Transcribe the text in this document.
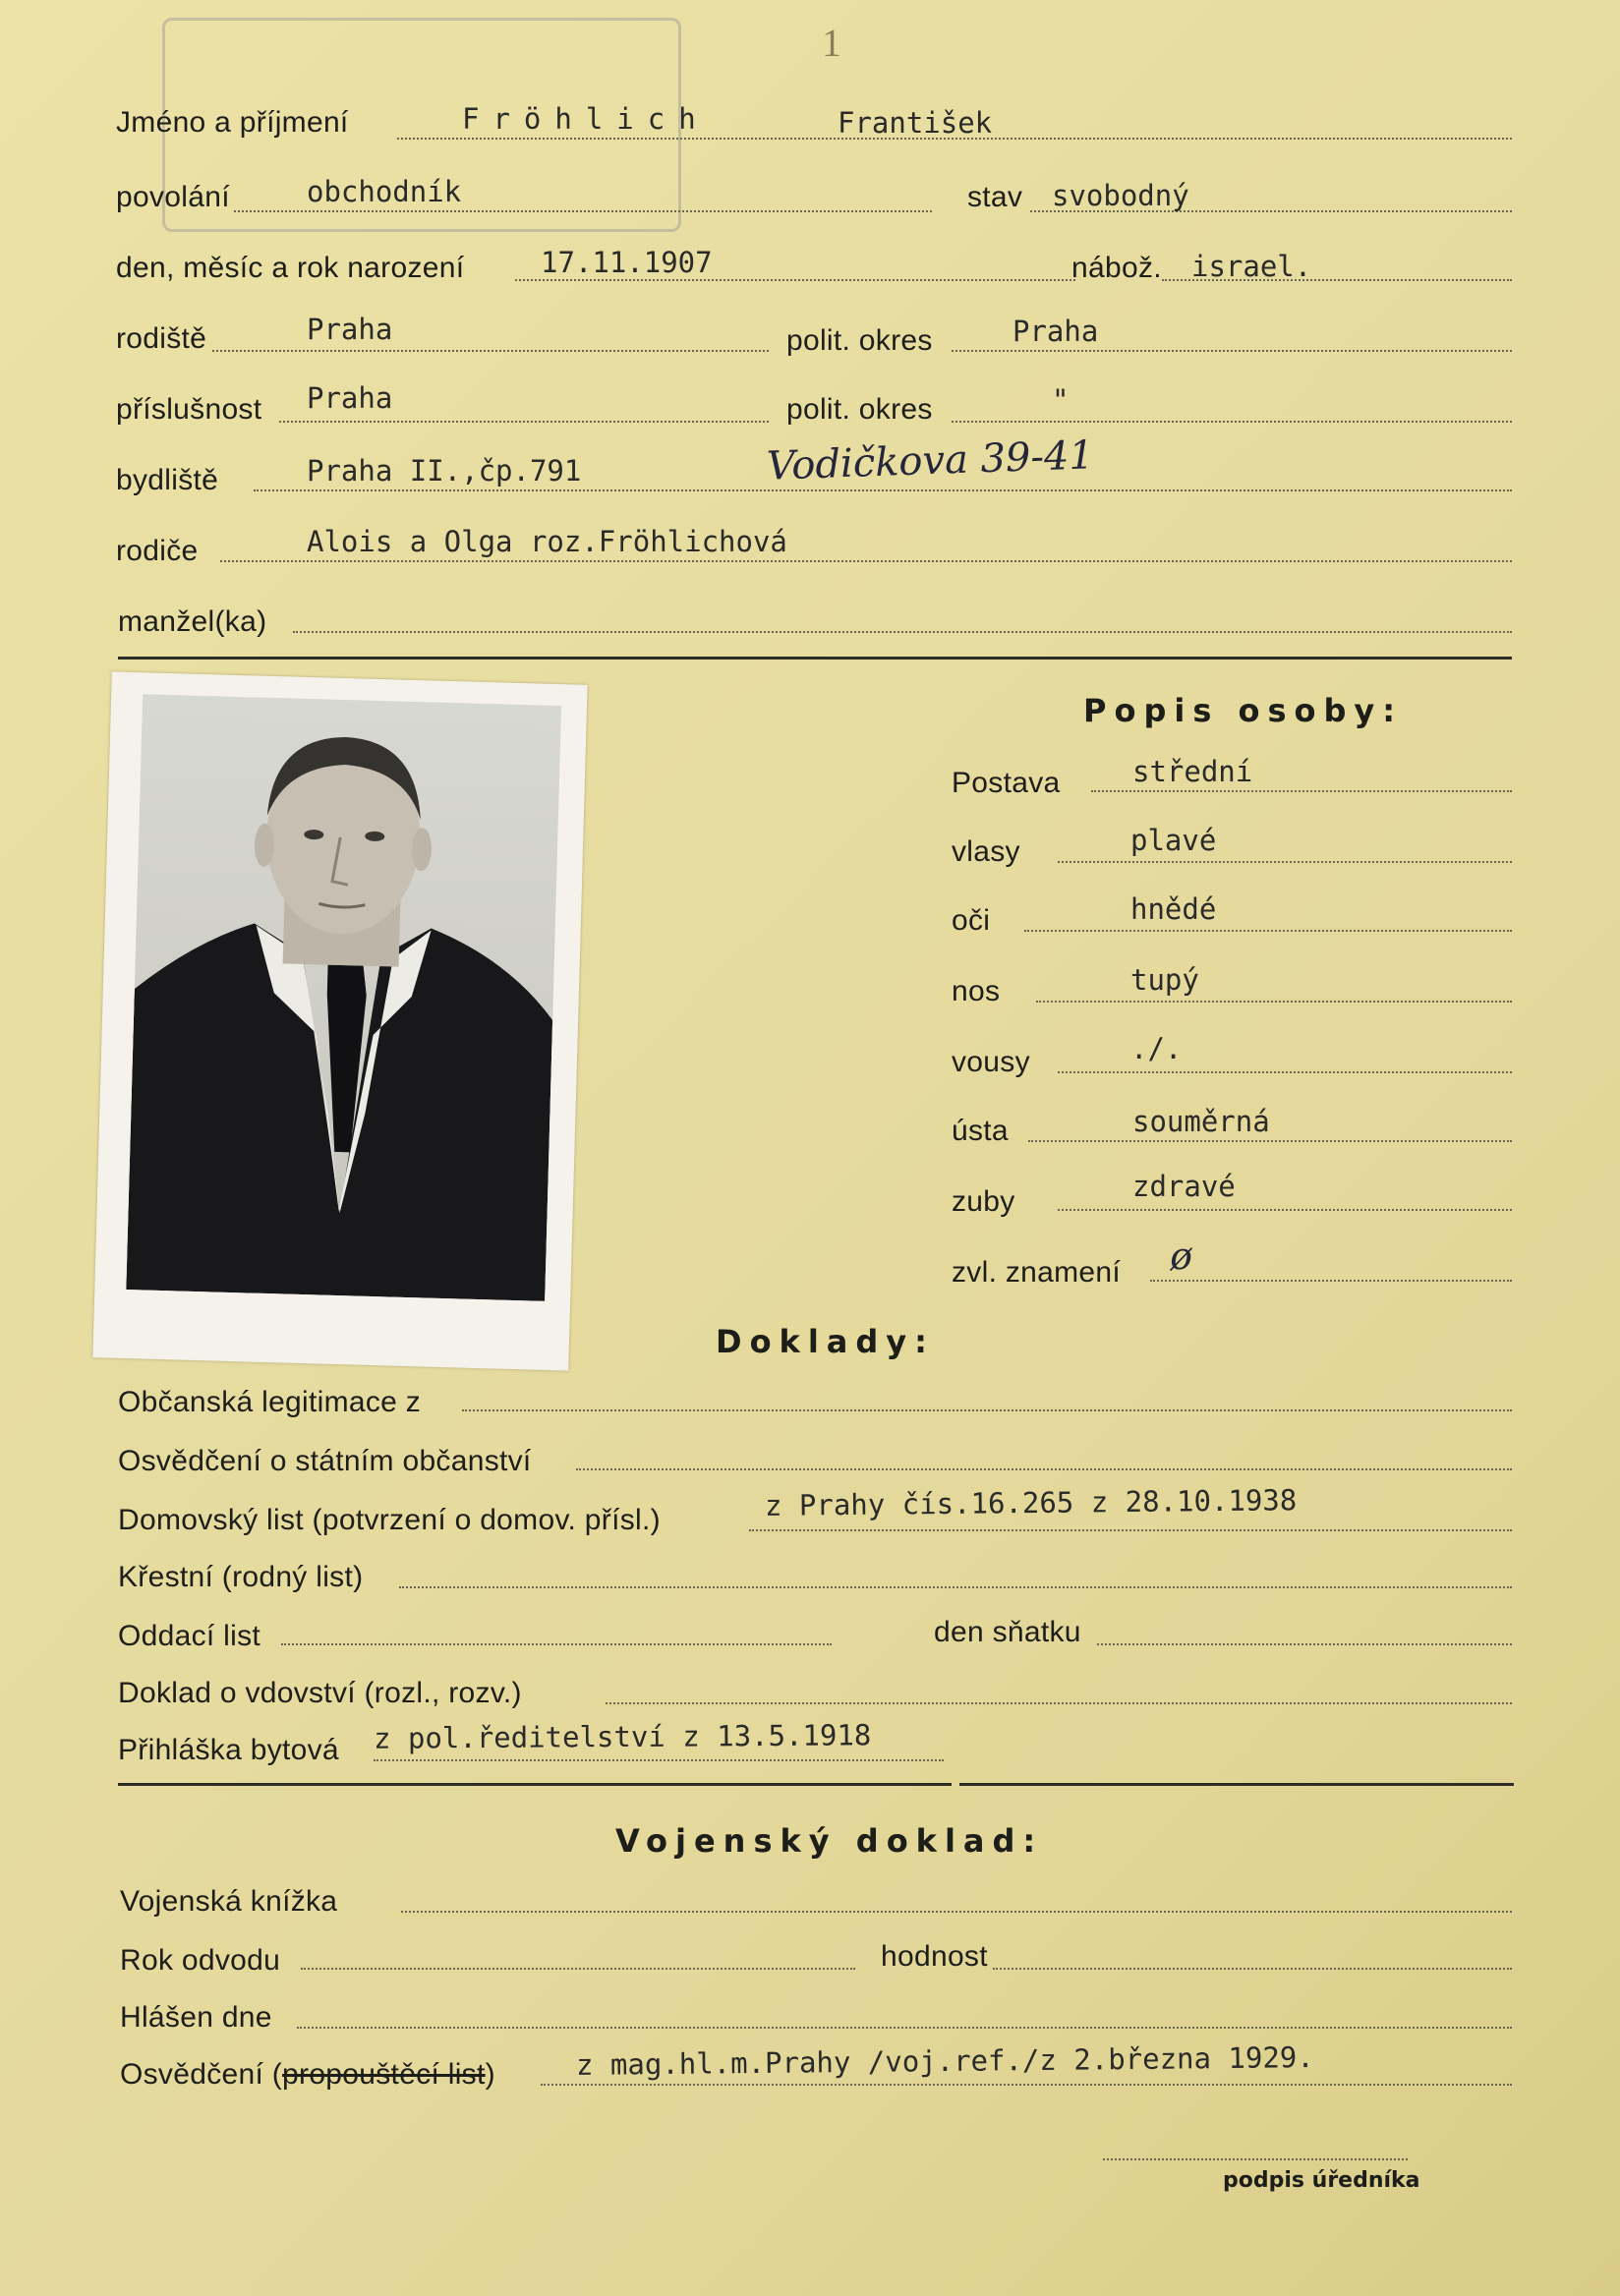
1
Jméno a příjmení	Fröhlich	František
povolání	obchodník	stav svobodný
den, měsíc a rok narození	17.11.1907	nábož. israel.
rodiště	Praha	polit. okres	Praha
příslušnost Praha	polit. okres	"
bydliště	Praha II.,čp.791	Vodičkova 39-41
rodiče	Alois a Olga roz.Fröhlichová
manžel(ka)
Popis osoby:
Postava	střední
vlasy	plavé
oči	hnědé
nos	tupý
vousy	./.
ústa	souměrná
zuby	zdravé
zvl. znamení ø
Doklady:
Občanská legitimace z
Osvědčení o státním občanství
Domovský list (potvrzení o domov. přísl.)	z Prahy čís.16.265 z 28.10.1938
Křestní (rodný list)
Oddací list	den sňatku
Doklad o vdovství (rozl., rozv.)
Přihláška bytová z pol.ředitelství z 13.5.1918
Vojenský doklad:
Vojenská knížka
Rok odvodu	hodnost
Hlášen dne
Osvědčení (propouštěcí list)	z mag.hl.m.Prahy /voj.ref./z 2.března 1929.
podpis úředníka
